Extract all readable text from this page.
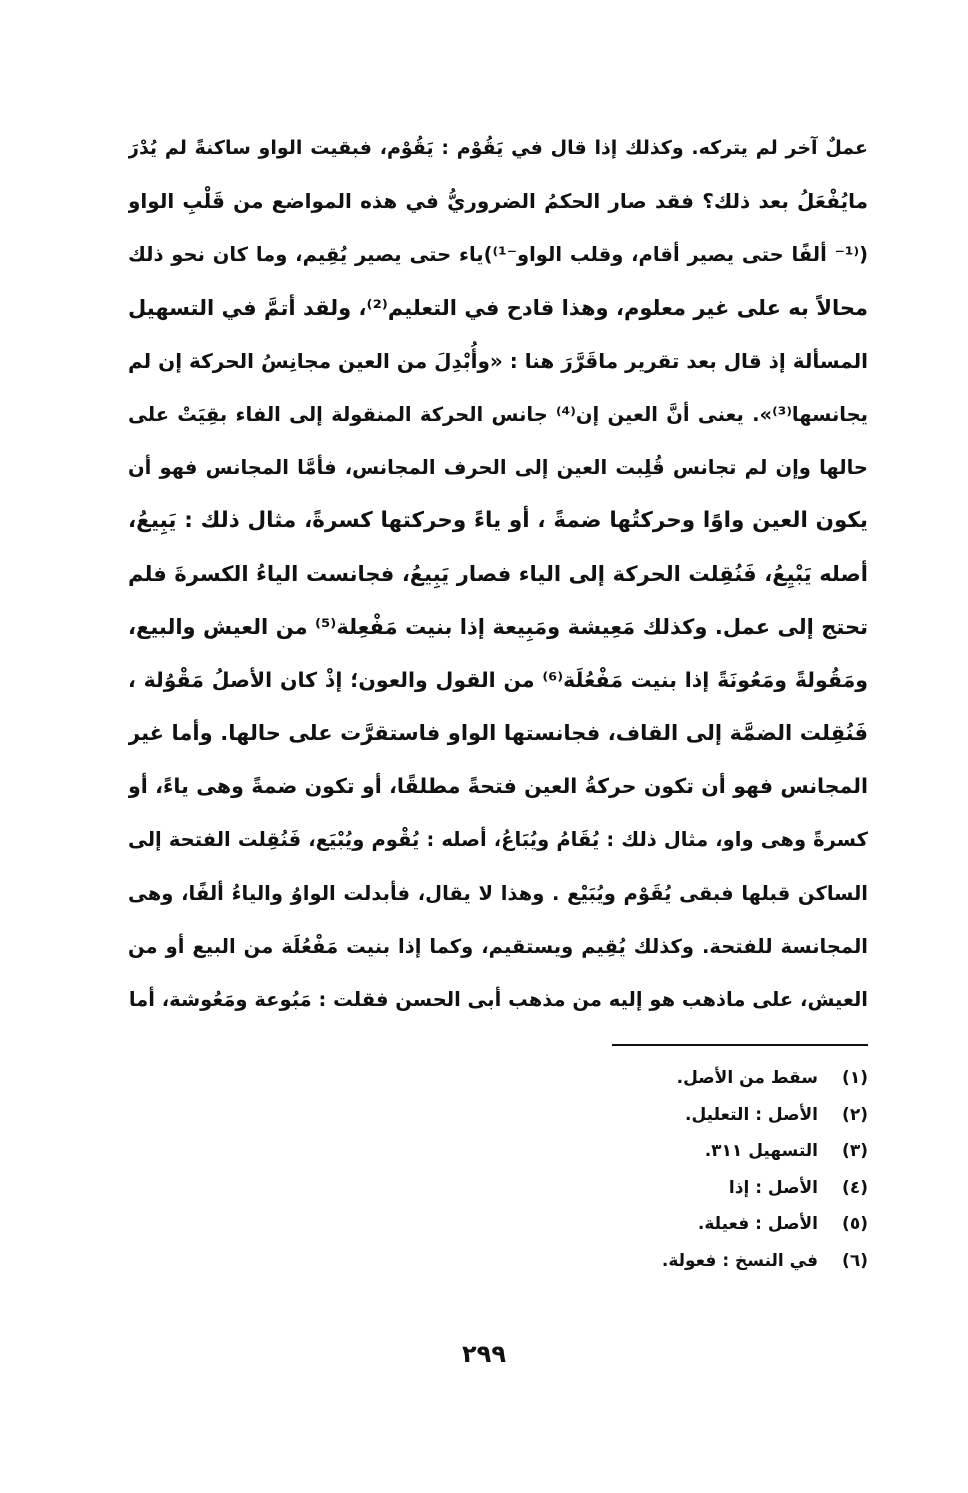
عملٌ آخر لم يتركه. وكذلك إذا قال في يَقُوْم : يَقُوْم، فبقيت الواو ساكنةً لم يُدْرَ
مايُفْعَلُ بعد ذلك؟ فقد صار الحكمُ الضروريُّ في هذه المواضع من قَلْبِ الواو
(⁽¹⁻ ألفًا حتى يصير أقام، وقلب الواو⁻¹⁾)ياء حتى يصير يُقِيم، وما كان نحو ذلك
محالاً به على غير معلوم، وهذا قادح في التعليم⁽²⁾، ولقد أتمَّ في التسهيل
المسألة إذ قال بعد تقرير ماقَرَّرَ هنا : «وأُبْدِلَ من العين مجانِسُ الحركة إن لم
يجانسها⁽³⁾». يعنى أنَّ العين إن⁽⁴⁾ جانس الحركة المنقولة إلى الفاء بقِيَتْ على
حالها وإن لم تجانس قُلِبت العين إلى الحرف المجانس، فأمَّا المجانس فهو أن
يكون العين واوًا وحركتُها ضمةً ، أو ياءً وحركتها كسرةً، مثال ذلك : يَبِيعُ،
أصله يَبْيِعُ، فَنُقِلت الحركة إلى الياء فصار يَبِيعُ، فجانست الياءُ الكسرةَ فلم
تحتج إلى عمل. وكذلك مَعِيشة ومَبِيعة إذا بنيت مَفْعِلة⁽⁵⁾ من العيش والبيع،
ومَقُولةً ومَعُونَةً إذا بنيت مَفْعُلَة⁽⁶⁾ من القول والعون؛ إذْ كان الأصلُ مَقْوُلة ،
فَنُقِلت الضمَّة إلى القاف، فجانستها الواو فاستقرَّت على حالها. وأما غير
المجانس فهو أن تكون حركةُ العين فتحةً مطلقًا، أو تكون ضمةً وهى ياءً، أو
كسرةً وهى واو، مثال ذلك : يُقَامُ ويُبَاعُ، أصله : يُقْوم ويُبْيَع، فَنُقِلت الفتحة إلى
الساكن قبلها فبقى يُقَوْم ويُبَيْع . وهذا لا يقال، فأبدلت الواوُ والياءُ ألفًا، وهى
المجانسة للفتحة. وكذلك يُقِيم ويستقيم، وكما إذا بنيت مَفْعُلَة من البيع أو من
العيش، على ماذهب هو إليه من مذهب أبى الحسن فقلت : مَبُوعة ومَعُوشة، أما
(١)سقط من الأصل.
(٢)الأصل : التعليل.
(٣)التسهيل ٣١١.
(٤)الأصل : إذا
(٥)الأصل : فعيلة.
(٦)في النسخ : فعولة.
٢٩٩
